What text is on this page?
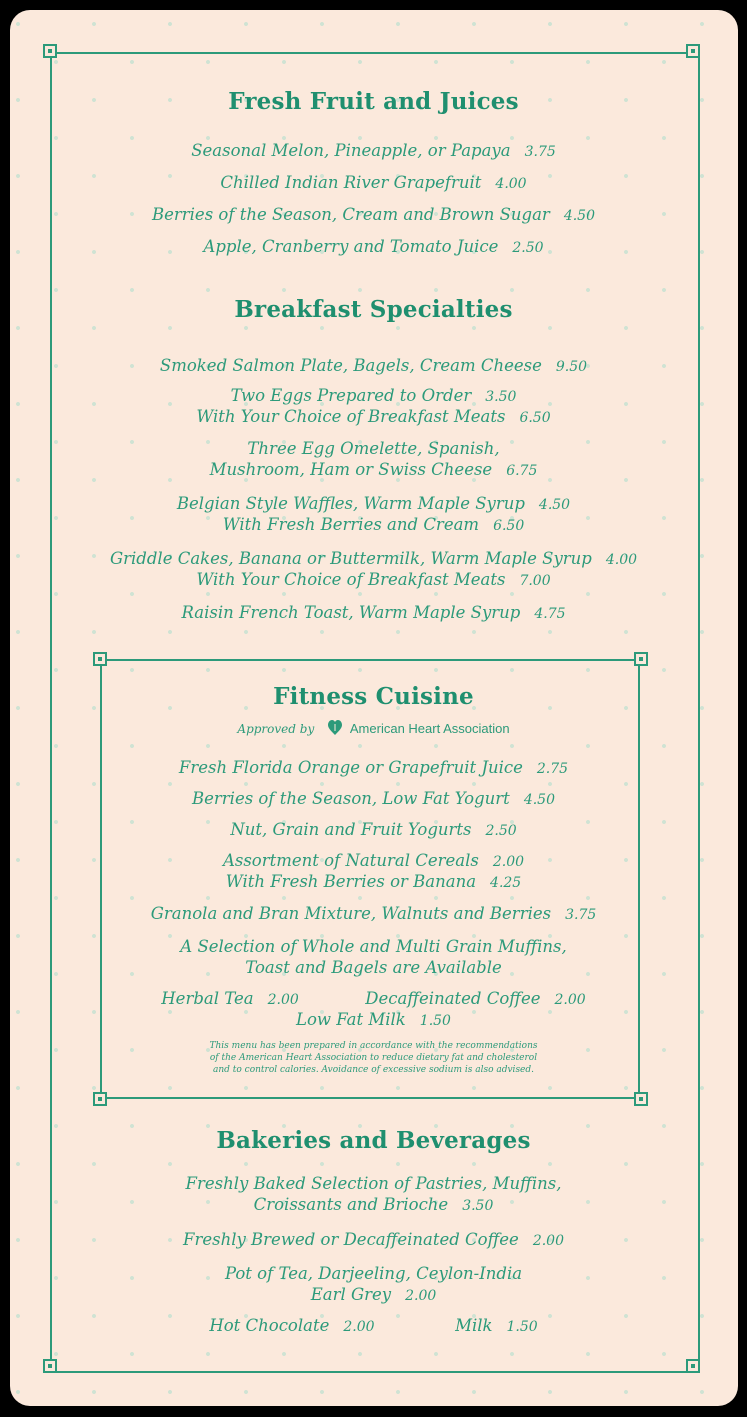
Fresh Fruit and Juices
Seasonal Melon, Pineapple, or Papaya 3.75
Chilled Indian River Grapefruit 4.00
Berries of the Season, Cream and Brown Sugar 4.50
Apple, Cranberry and Tomato Juice 2.50
Breakfast Specialties
Smoked Salmon Plate, Bagels, Cream Cheese 9.50
Two Eggs Prepared to Order 3.50
With Your Choice of Breakfast Meats 6.50
Three Egg Omelette, Spanish,
Mushroom, Ham or Swiss Cheese 6.75
Belgian Style Waffles, Warm Maple Syrup 4.50
With Fresh Berries and Cream 6.50
Griddle Cakes, Banana or Buttermilk, Warm Maple Syrup 4.00
With Your Choice of Breakfast Meats 7.00
Raisin French Toast, Warm Maple Syrup 4.75
Fitness Cuisine
Approved by	American Heart Association
Fresh Florida Orange or Grapefruit Juice 2.75
Berries of the Season, Low Fat Yogurt 4.50
Nut, Grain and Fruit Yogurts 2.50
Assortment of Natural Cereals 2.00
With Fresh Berries or Banana 4.25
Granola and Bran Mixture, Walnuts and Berries 3.75
A Selection of Whole and Multi Grain Muffins,
Toast and Bagels are Available
Herbal Tea 2.00	Decaffeinated Coffee 2.00
Low Fat Milk 1.50
This menu has been prepared in accordance with the recommendations
of the American Heart Association to reduce dietary fat and cholesterol
and to control calories. Avoidance of excessive sodium is also advised.
Bakeries and Beverages
Freshly Baked Selection of Pastries, Muffins,
Croissants and Brioche 3.50
Freshly Brewed or Decaffeinated Coffee 2.00
Pot of Tea, Darjeeling, Ceylon-India
Earl Grey 2.00
Hot Chocolate 2.00	Milk 1.50
